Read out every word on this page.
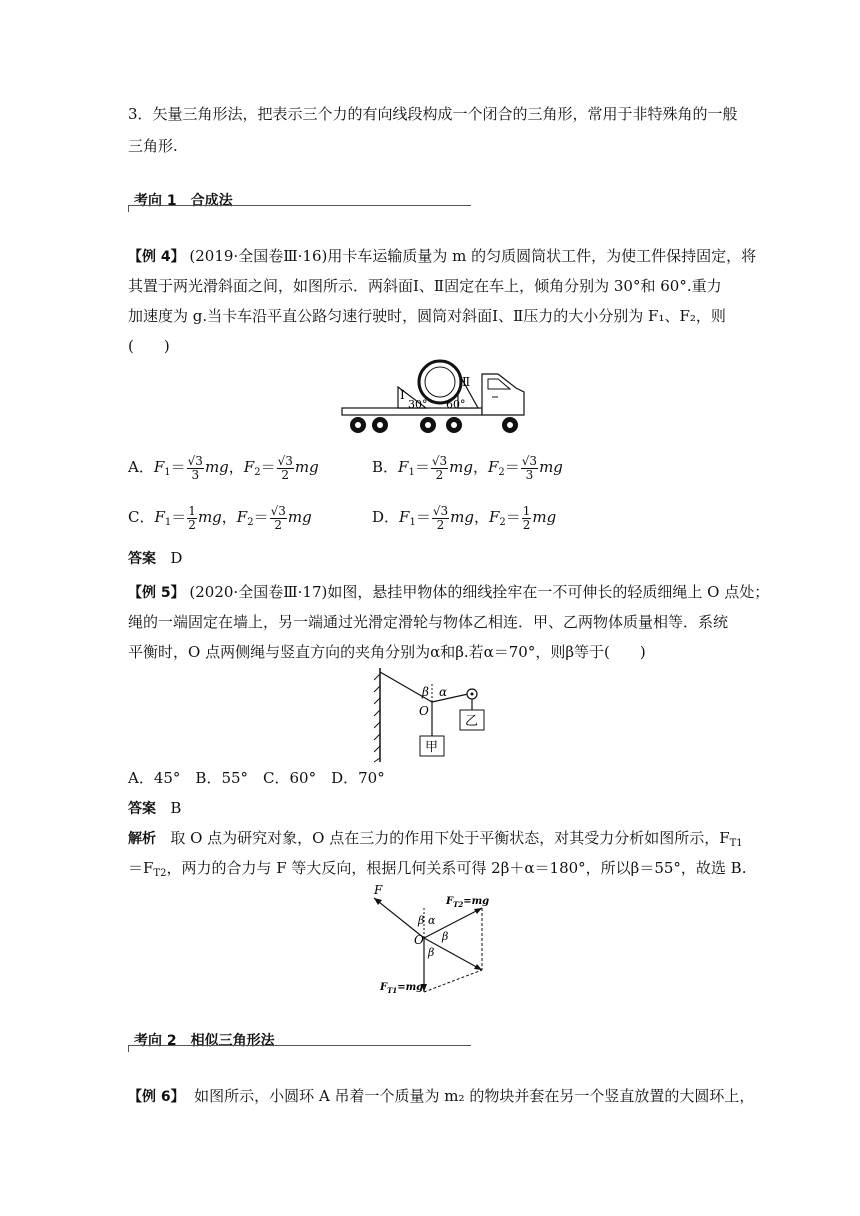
3．矢量三角形法，把表示三个力的有向线段构成一个闭合的三角形，常用于非特殊角的一般
三角形.
考向 1　合成法
【例 4】 (2019·全国卷Ⅲ·16)用卡车运输质量为 m 的匀质圆筒状工件，为使工件保持固定，将
其置于两光滑斜面之间，如图所示．两斜面Ⅰ、Ⅱ固定在车上，倾角分别为 30°和 60°.重力
加速度为 g.当卡车沿平直公路匀速行驶时，圆筒对斜面Ⅰ、Ⅱ压力的大小分别为 F₁、F₂，则
(　　)
Ⅰ
30°
Ⅱ
60°
A．$F_1= \frac{√3}{3}$ mg，$F_2= \frac{√3}{2}$ mg	B．$F_1= \frac{√3}{2}$ mg，$F_2= \frac{√3}{3}$ mg
C．$F_1= \frac{1}{2}$ mg，$F_2= \frac{√3}{2}$ mg	D．$F_1= \frac{√3}{2}$ mg，$F_2= \frac{1}{2}$ mg
答案 D
【例 5】 (2020·全国卷Ⅲ·17)如图，悬挂甲物体的细线拴牢在一不可伸长的轻质细绳上 O 点处；
绳的一端固定在墙上，另一端通过光滑定滑轮与物体乙相连．甲、乙两物体质量相等．系统
平衡时，O 点两侧绳与竖直方向的夹角分别为α和β.若α＝70°，则β等于(　　)
β α
O
甲
乙
A．45°　B．55°　C．60°　D．70°
答案 B
解析 取 O 点为研究对象，O 点在三力的作用下处于平衡状态，对其受力分析如图所示，$F_{T1}$
$=F_{T2}$，两力的合力与 F 等大反向，根据几何关系可得 2β＋α＝180°，所以β＝55°，故选 B.
F
$F_{T2}=mg$
$F_{T1}=mg$
O
β α
β
β
考向 2　相似三角形法
【例 6】 如图所示，小圆环 A 吊着一个质量为 m₂ 的物块并套在另一个竖直放置的大圆环上，
